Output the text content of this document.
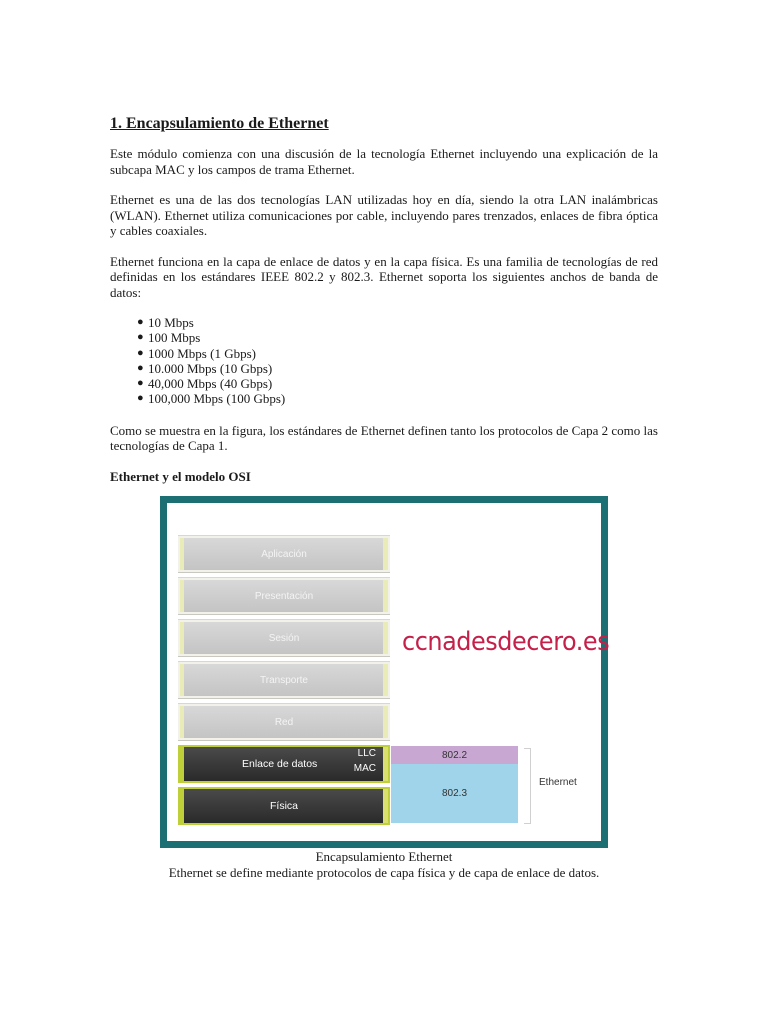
1. Encapsulamiento de Ethernet

Este módulo comienza con una discusión de la tecnología Ethernet incluyendo una explicación de la subcapa MAC y los campos de trama Ethernet.

Ethernet es una de las dos tecnologías LAN utilizadas hoy en día, siendo la otra LAN inalámbricas (WLAN). Ethernet utiliza comunicaciones por cable, incluyendo pares trenzados, enlaces de fibra óptica y cables coaxiales.

Ethernet funciona en la capa de enlace de datos y en la capa física. Es una familia de tecnologías de red definidas en los estándares IEEE 802.2 y 802.3. Ethernet soporta los siguientes anchos de banda de datos:

● 10 Mbps
● 100 Mbps
● 1000 Mbps (1 Gbps)
● 10.000 Mbps (10 Gbps)
● 40,000 Mbps (40 Gbps)
● 100,000 Mbps (100 Gbps)

Como se muestra en la figura, los estándares de Ethernet definen tanto los protocolos de Capa 2 como las tecnologías de Capa 1.

Ethernet y el modelo OSI
Aplicación
Presentación
Sesión
Transporte
Red
Enlace de datos
LLC
MAC
Física
802.2
802.3
Ethernet
ccnadesdecero.es
Encapsulamiento Ethernet
Ethernet se define mediante protocolos de capa física y de capa de enlace de datos.
